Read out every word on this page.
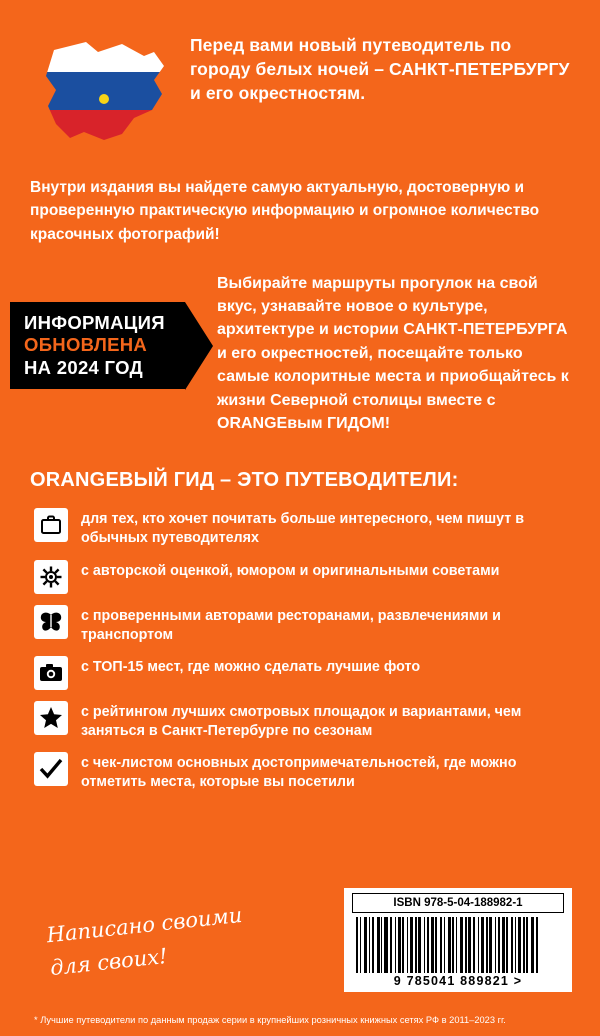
Перед вами новый путеводитель по городу белых ночей – САНКТ-ПЕТЕРБУРГУ и его окрестностям.
Внутри издания вы найдете самую актуальную, достоверную и проверенную практическую информацию и огромное количество красочных фотографий!
ИНФОРМАЦИЯ
ОБНОВЛЕНА
НА 2024 ГОД
Выбирайте маршруты прогулок на свой вкус, узнавайте новое о культуре, архитектуре и истории САНКТ-ПЕТЕРБУРГА и его окрестностей, посещайте только самые колоритные места и приобщайтесь к жизни Северной столицы вместе с ORANGEвым ГИДОМ!
ORANGEВЫЙ ГИД – ЭТО ПУТЕВОДИТЕЛИ:
для тех, кто хочет почитать больше интересного, чем пишут в обычных путеводителях
с авторской оценкой, юмором и оригинальными советами
с проверенными авторами ресторанами, развлечениями и транспортом
с ТОП-15 мест, где можно сделать лучшие фото
с рейтингом лучших смотровых площадок и вариантами, чем заняться в Санкт-Петербурге по сезонам
с чек-листом основных достопримечательностей, где можно отметить места, которые вы посетили
Написано своими
для своих!
ISBN 978-5-04-188982-1
9 785041 889821 >
* Лучшие путеводители по данным продаж серии в крупнейших розничных книжных сетях РФ в 2011–2023 гг.
